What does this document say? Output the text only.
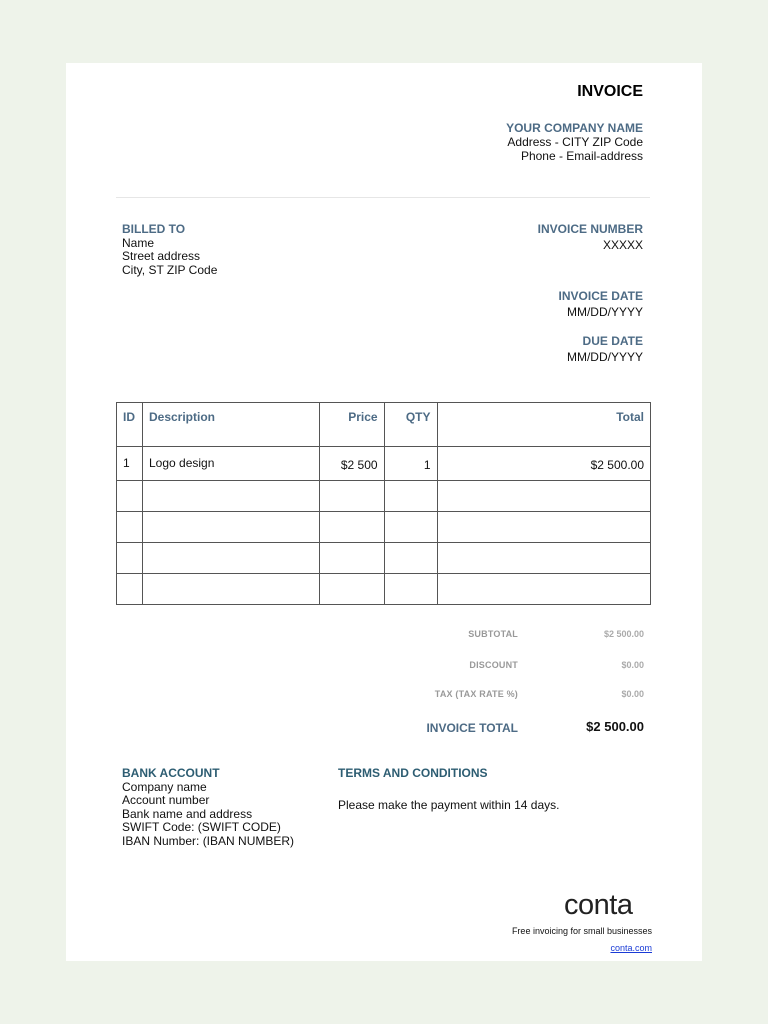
INVOICE
YOUR COMPANY NAME
Address - CITY ZIP Code
Phone - Email-address
BILLED TO
Name
Street address
City, ST ZIP Code
INVOICE NUMBER
XXXXX
INVOICE DATE
MM/DD/YYYY
DUE DATE
MM/DD/YYYY
ID	Description	Price	QTY	Total
1	Logo design	$2 500	1	$2 500.00

SUBTOTAL	$2 500.00
DISCOUNT	$0.00
TAX (TAX RATE %)	$0.00
INVOICE TOTAL	$2 500.00
BANK ACCOUNT
Company name
Account number
Bank name and address
SWIFT Code: (SWIFT CODE)
IBAN Number: (IBAN NUMBER)
TERMS AND CONDITIONS
Please make the payment within 14 days.
conta
Free invoicing for small businesses
conta.com
